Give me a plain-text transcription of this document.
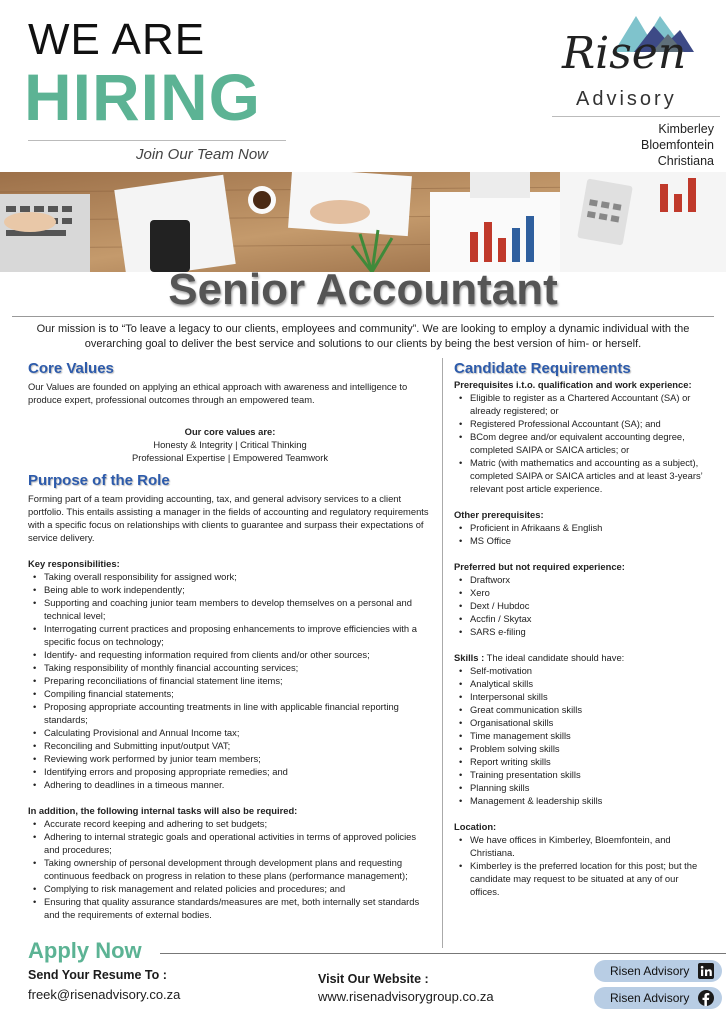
WE ARE
HIRING
Join Our Team Now
Risen
Advisory
Kimberley
Bloemfontein
Christiana
Senior Accountant
Our mission is to “To leave a legacy to our clients, employees and community”. We are looking to employ a dynamic individual with the overarching goal to deliver the best service and solutions to our clients by being the best version of him- or herself.
Core Values
Our Values are founded on applying an ethical approach with awareness and intelligence to produce expert, professional outcomes through an empowered team.
Our core values are:
Honesty & Integrity | Critical Thinking
Professional Expertise | Empowered Teamwork
Purpose of the Role
Forming part of a team providing accounting, tax, and general advisory services to a client portfolio. This entails assisting a manager in the fields of accounting and regulatory requirements with a specific focus on relationships with clients to guarantee and surpass their expectations of service delivery.
Key responsibilities:
• Taking overall responsibility for assigned work;
• Being able to work independently;
• Supporting and coaching junior team members to develop themselves on a personal and technical level;
• Interrogating current practices and proposing enhancements to improve efficiencies with a specific focus on technology;
• Identify- and requesting information required from clients and/or other sources;
• Taking responsibility of monthly financial accounting services;
• Preparing reconciliations of financial statement line items;
• Compiling financial statements;
• Proposing appropriate accounting treatments in line with applicable financial reporting standards;
• Calculating Provisional and Annual Income tax;
• Reconciling and Submitting input/output VAT;
• Reviewing work performed by junior team members;
• Identifying errors and proposing appropriate remedies; and
• Adhering to deadlines in a timeous manner.
In addition, the following internal tasks will also be required:
• Accurate record keeping and adhering to set budgets;
• Adhering to internal strategic goals and operational activities in terms of approved policies and procedures;
• Taking ownership of personal development through development plans and requesting continuous feedback on progress in relation to these plans (performance management);
• Complying to risk management and related policies and procedures; and
• Ensuring that quality assurance standards/measures are met, both internally set standards and the requirements of external bodies.
Candidate Requirements
Prerequisites i.t.o. qualification and work experience:
• Eligible to register as a Chartered Accountant (SA) or already registered; or
• Registered Professional Accountant (SA); and
• BCom degree and/or equivalent accounting degree, completed SAIPA or SAICA articles; or
• Matric (with mathematics and accounting as a subject), completed SAIPA or SAICA articles and at least 3-years’ relevant post article experience.
Other prerequisites:
• Proficient in Afrikaans & English
• MS Office
Preferred but not required experience:
• Draftworx
• Xero
• Dext / Hubdoc
• Accfin / Skytax
• SARS e-filing
Skills : The ideal candidate should have:
• Self-motivation
• Analytical skills
• Interpersonal skills
• Great communication skills
• Organisational skills
• Time management skills
• Problem solving skills
• Report writing skills
• Training presentation skills
• Planning skills
• Management & leadership skills
Location:
• We have offices in Kimberley, Bloemfontein, and Christiana.
• Kimberley is the preferred location for this post; but the candidate may request to be situated at any of our offices.
Apply Now
Send Your Resume To :
freek@risenadvisory.co.za
Visit Our Website :
www.risenadvisorygroup.co.za
Risen Advisory
Risen Advisory
